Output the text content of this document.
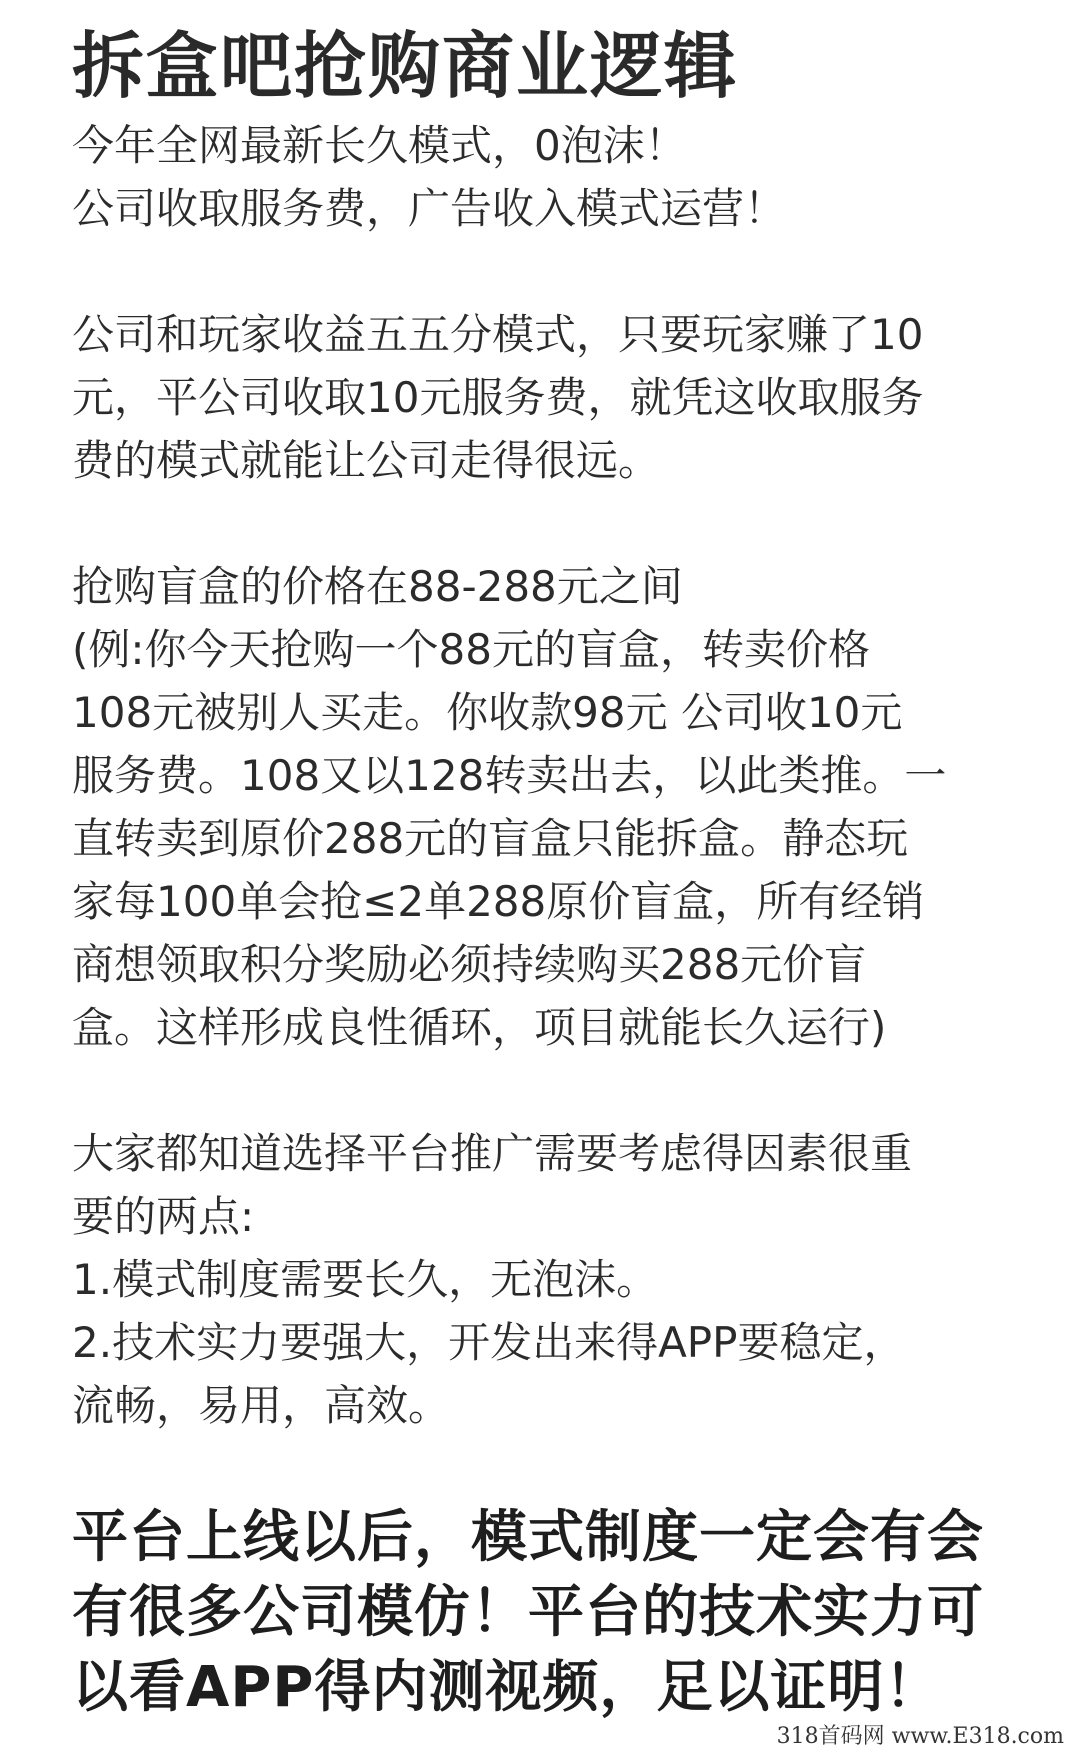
拆盒吧抢购商业逻辑
今年全网最新长久模式，0泡沫！
公司收取服务费，广告收入模式运营！
公司和玩家收益五五分模式，只要玩家赚了10
元，平公司收取10元服务费，就凭这收取服务
费的模式就能让公司走得很远。
抢购盲盒的价格在88-288元之间
(例:你今天抢购一个88元的盲盒，转卖价格
108元被别人买走。你收款98元 公司收10元
服务费。108又以128转卖出去，以此类推。一
直转卖到原价288元的盲盒只能拆盒。静态玩
家每100单会抢≤2单288原价盲盒，所有经销
商想领取积分奖励必须持续购买288元价盲
盒。这样形成良性循环，项目就能长久运行)
大家都知道选择平台推广需要考虑得因素很重
要的两点:
1.模式制度需要长久，无泡沫。
2.技术实力要强大，开发出来得APP要稳定，
流畅，易用，高效。
平台上线以后，模式制度一定会有会
有很多公司模仿！平台的技术实力可
以看APP得内测视频，足以证明！
318首码网 www.E318.com
